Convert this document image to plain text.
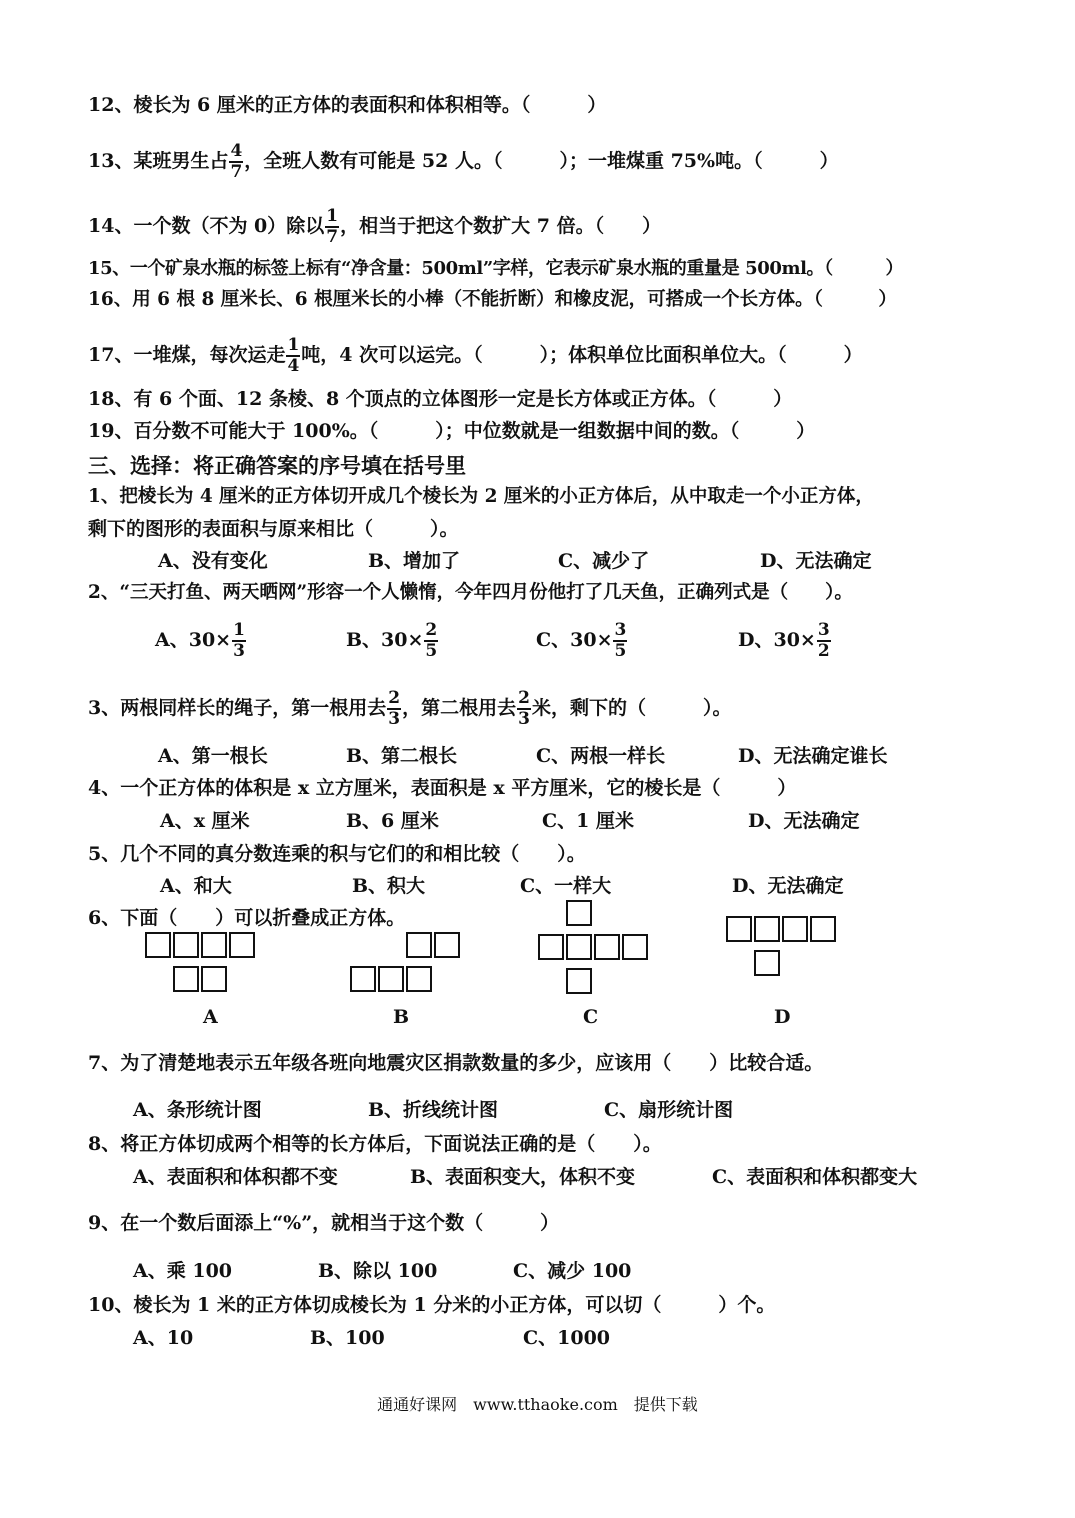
12、棱长为 6 厘米的正方体的表面积和体积相等。（　　　）
13、某班男生占 $\frac{4}{7}$ ，全班人数有可能是 52 人。（　　　）；一堆煤重 75%吨。（　　　）
14、一个数（不为 0）除以 $\frac{1}{7}$ ，相当于把这个数扩大 7 倍。（　　）
15、一个矿泉水瓶的标签上标有“净含量：500ml”字样，它表示矿泉水瓶的重量是 500ml。（　　　）
16、用 6 根 8 厘米长、6 根厘米长的小棒（不能折断）和橡皮泥，可搭成一个长方体。（　　　）
17、一堆煤，每次运走 $\frac{1}{4}$ 吨，4 次可以运完。（　　　）；体积单位比面积单位大。（　　　）
18、有 6 个面、12 条棱、8 个顶点的立体图形一定是长方体或正方体。（　　　）
19、百分数不可能大于 100%。（　　　）；中位数就是一组数据中间的数。（　　　）
三、选择：将正确答案的序号填在括号里
1、把棱长为 4 厘米的正方体切开成几个棱长为 2 厘米的小正方体后，从中取走一个小正方体，
剩下的图形的表面积与原来相比（　　　）。
A、没有变化	B、增加了	C、减少了	D、无法确定
2、“三天打鱼、两天晒网”形容一个人懒惰，今年四月份他打了几天鱼，正确列式是（　　）。
A、$30\times \frac{1}{3}$	B、$30\times \frac{2}{5}$	C、$30\times \frac{3}{5}$	D、$30\times \frac{3}{2}$
3、两根同样长的绳子，第一根用去 $\frac{2}{3}$ ，第二根用去 $\frac{2}{3}$ 米，剩下的（　　　）。
A、第一根长	B、第二根长	C、两根一样长	D、无法确定谁长
4、一个正方体的体积是 x 立方厘米，表面积是 x 平方厘米，它的棱长是（　　　）
A、x 厘米	B、6 厘米	C、1 厘米	D、无法确定
5、几个不同的真分数连乘的积与它们的和相比较（　　）。
A、和大	B、积大	C、一样大	D、无法确定
6、下面（　　）可以折叠成正方体。
A	B	C	D
7、为了清楚地表示五年级各班向地震灾区捐款数量的多少，应该用（　　）比较合适。
A、条形统计图	B、折线统计图	C、扇形统计图
8、将正方体切成两个相等的长方体后，下面说法正确的是（　　）。
A、表面积和体积都不变	B、表面积变大，体积不变	C、表面积和体积都变大
9、在一个数后面添上“%”，就相当于这个数（　　　）
A、乘 100	B、除以 100	C、减少 100
10、棱长为 1 米的正方体切成棱长为 1 分米的小正方体，可以切（　　　）个。
A、10	B、100	C、1000
通通好课网　www.tthaoke.com　提供下载
